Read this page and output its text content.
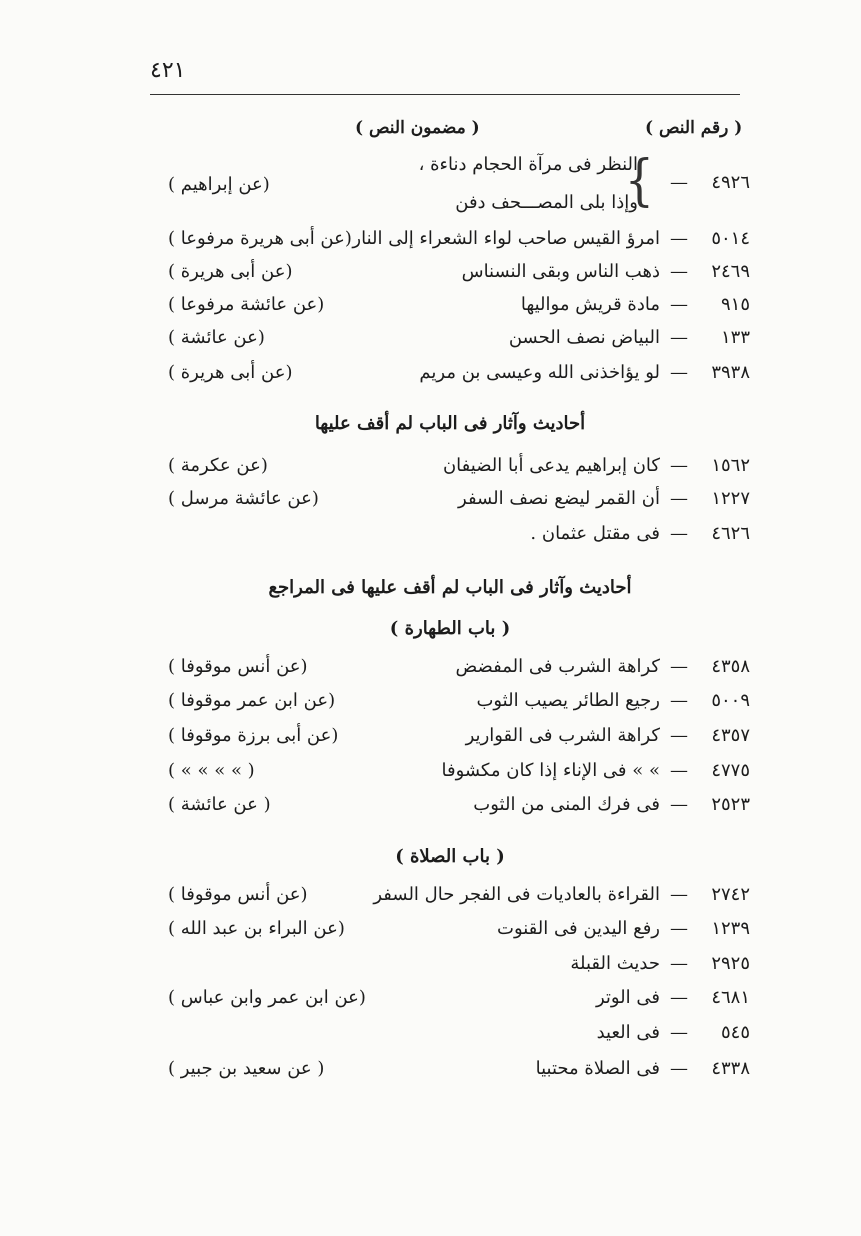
٤٢١
( رقم النص )
( مضمون النص )
٤٩٢٦
—
{
النظر فى مرآة الحجام دناءة ،
وإذا بلى المصـــحف دفن
(عن إبراهيم )
٥٠١٤
—
امرؤ القيس صاحب لواء الشعراء إلى النار
(عن أبى هريرة مرفوعا )
٢٤٦٩
—
ذهب الناس وبقى النسناس
(عن أبى هريرة )
٩١٥
—
مادة قريش مواليها
(عن عائشة مرفوعا )
١٣٣
—
البياض نصف الحسن
(عن عائشة )
٣٩٣٨
—
لو يؤاخذنى الله وعيسى بن مريم
(عن أبى هريرة )
أحاديث وآثار فى الباب لم أقف عليها
١٥٦٢
—
كان إبراهيم يدعى أبا الضيفان
(عن عكرمة )
١٢٢٧
—
أن القمر ليضع نصف السفر
(عن عائشة مرسل )
٤٦٢٦
—
فى مقتل عثمان .
أحاديث وآثار فى الباب لم أقف عليها فى المراجع
( باب الطهارة )
٤٣٥٨
—
كراهة الشرب فى المفضض
(عن أنس موقوفا )
٥٠٠٩
—
رجيع الطائر يصيب الثوب
(عن ابن عمر موقوفا )
٤٣٥٧
—
كراهة الشرب فى القوارير
(عن أبى برزة موقوفا )
٤٧٧٥
—
» » فى الإناء إذا كان مكشوفا
( » » » » )
٢٥٢٣
—
فى فرك المنى من الثوب
( عن عائشة )
( باب الصلاة )
٢٧٤٢
—
القراءة بالعاديات فى الفجر حال السفر
(عن أنس موقوفا )
١٢٣٩
—
رفع اليدين فى القنوت
(عن البراء بن عبد الله )
٢٩٢٥
—
حديث القبلة
٤٦٨١
—
فى الوتر
(عن ابن عمر وابن عباس )
٥٤٥
—
فى العيد
٤٣٣٨
—
فى الصلاة محتبيا
( عن سعيد بن جبير )
